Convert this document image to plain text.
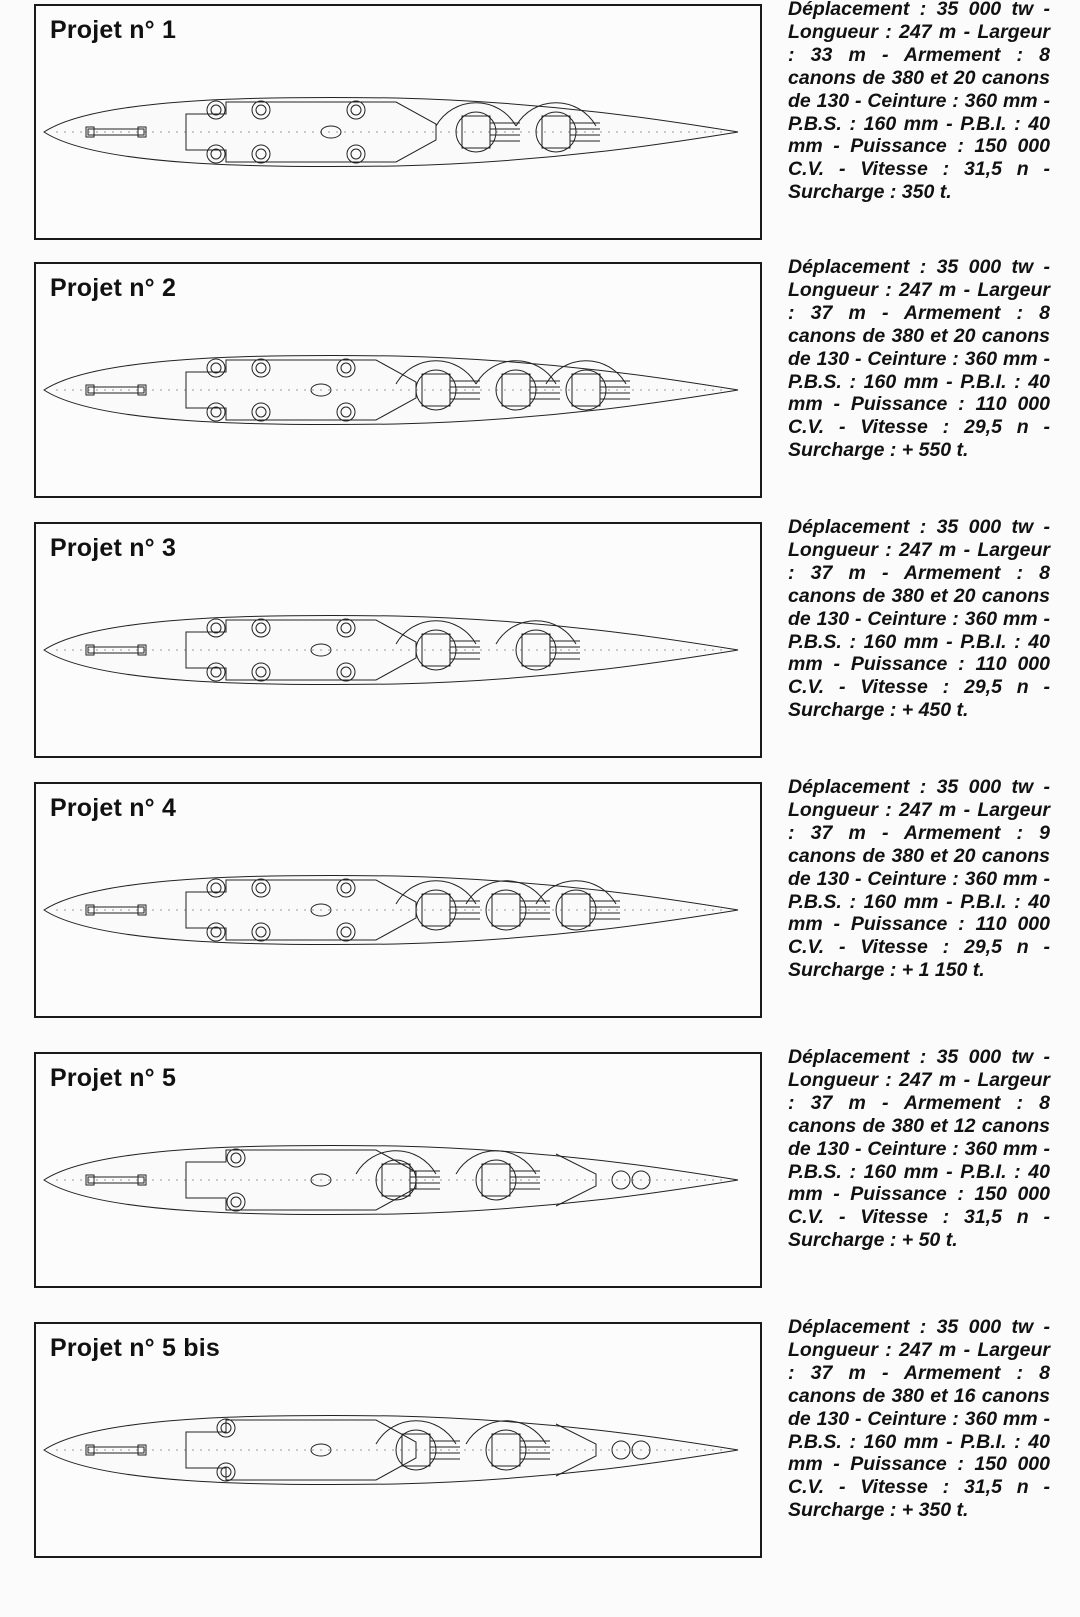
Projet n° 1
Déplacement : 35 000 tw - Longueur : 247 m - Largeur : 33 m - Armement : 8 canons de 380 et 20 canons de 130 - Ceinture : 360 mm - P.B.S. : 160 mm - P.B.I. : 40 mm - Puissance : 150 000 C.V. - Vitesse : 31,5 n - Surcharge : 350 t.
Projet n° 2
Déplacement : 35 000 tw - Longueur : 247 m - Largeur : 37 m - Armement : 8 canons de 380 et 20 canons de 130 - Ceinture : 360 mm - P.B.S. : 160 mm - P.B.I. : 40 mm - Puissance : 110 000 C.V. - Vitesse : 29,5 n - Surcharge : + 550 t.
Projet n° 3
Déplacement : 35 000 tw - Longueur : 247 m - Largeur : 37 m - Armement : 8 canons de 380 et 20 canons de 130 - Ceinture : 360 mm - P.B.S. : 160 mm - P.B.I. : 40 mm - Puissance : 110 000 C.V. - Vitesse : 29,5 n - Surcharge : + 450 t.
Projet n° 4
Déplacement : 35 000 tw - Longueur : 247 m - Largeur : 37 m - Armement : 9 canons de 380 et 20 canons de 130 - Ceinture : 360 mm - P.B.S. : 160 mm - P.B.I. : 40 mm - Puissance : 110 000 C.V. - Vitesse : 29,5 n - Surcharge : + 1 150 t.
Projet n° 5
Déplacement : 35 000 tw - Longueur : 247 m - Largeur : 37 m - Armement : 8 canons de 380 et 12 canons de 130 - Ceinture : 360 mm - P.B.S. : 160 mm - P.B.I. : 40 mm - Puissance : 150 000 C.V. - Vitesse : 31,5 n - Surcharge : + 50 t.
Projet n° 5 bis
Déplacement : 35 000 tw - Longueur : 247 m - Largeur : 37 m - Armement : 8 canons de 380 et 16 canons de 130 - Ceinture : 360 mm - P.B.S. : 160 mm - P.B.I. : 40 mm - Puissance : 150 000 C.V. - Vitesse : 31,5 n - Surcharge : + 350 t.
